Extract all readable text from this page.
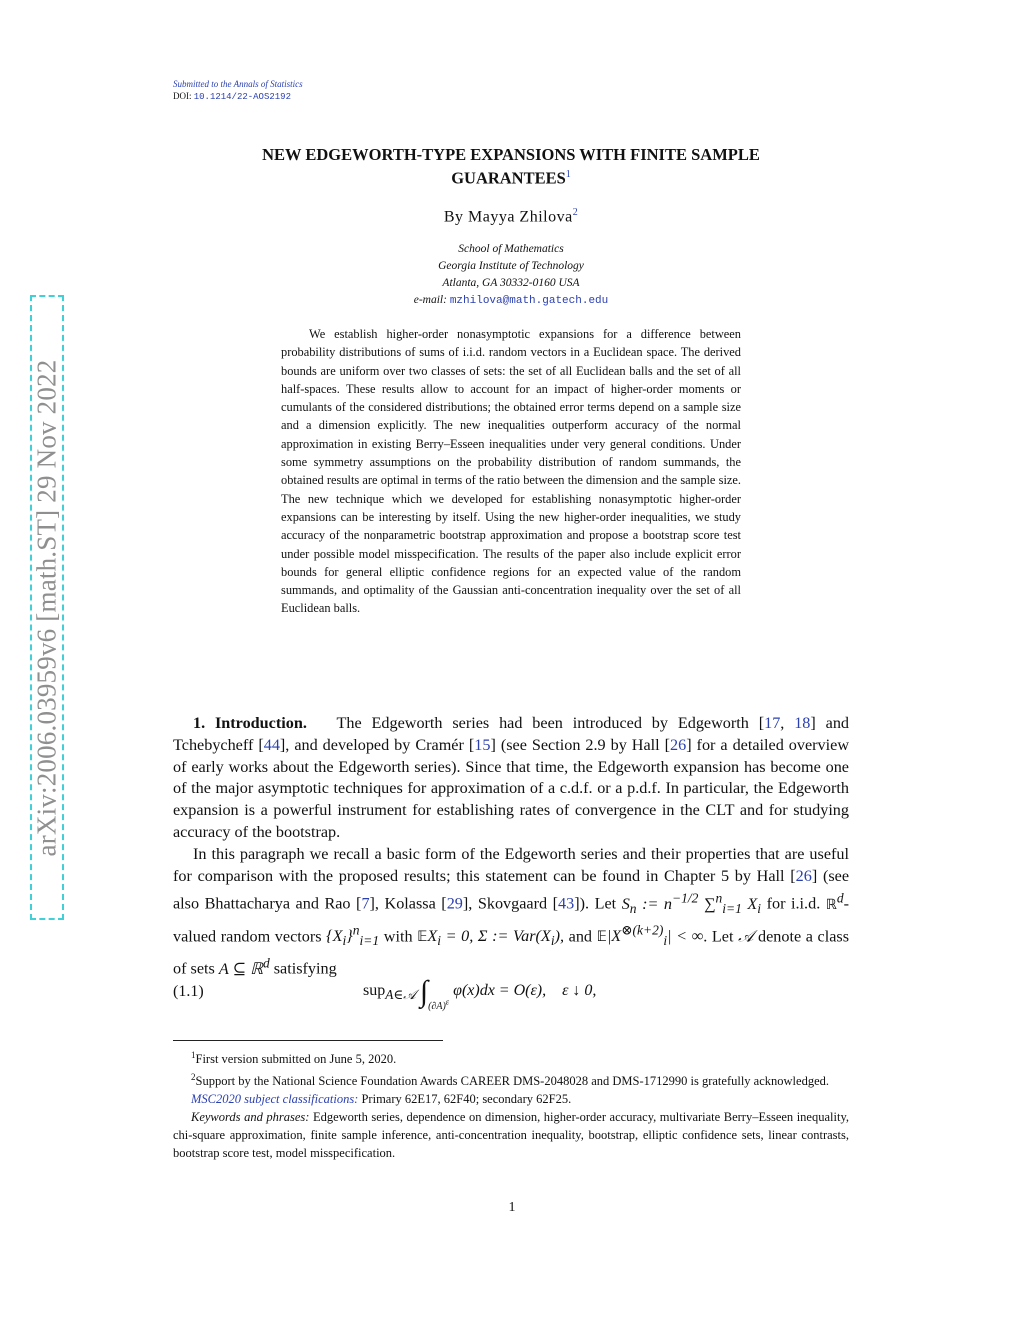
Submitted to the Annals of Statistics
DOI: 10.1214/22-AOS2192
arXiv:2006.03959v6 [math.ST] 29 Nov 2022
NEW EDGEWORTH-TYPE EXPANSIONS WITH FINITE SAMPLE
GUARANTEES$^1$
By Mayya Zhilova$^2$
School of Mathematics
Georgia Institute of Technology
Atlanta, GA 30332-0160 USA
e-mail: mzhilova@math.gatech.edu
We establish higher-order nonasymptotic expansions for a difference between probability distributions of sums of i.i.d. random vectors in a Euclidean space. The derived bounds are uniform over two classes of sets: the set of all Euclidean balls and the set of all half-spaces. These results allow to account for an impact of higher-order moments or cumulants of the considered distributions; the obtained error terms depend on a sample size and a dimension explicitly. The new inequalities outperform accuracy of the normal approximation in existing Berry–Esseen inequalities under very general conditions. Under some symmetry assumptions on the probability distribution of random summands, the obtained results are optimal in terms of the ratio between the dimension and the sample size. The new technique which we developed for establishing nonasymptotic higher-order expansions can be interesting by itself. Using the new higher-order inequalities, we study accuracy of the nonparametric bootstrap approximation and propose a bootstrap score test under possible model misspecification. The results of the paper also include explicit error bounds for general elliptic confidence regions for an expected value of the random summands, and optimality of the Gaussian anti-concentration inequality over the set of all Euclidean balls.

1. Introduction. The Edgeworth series had been introduced by Edgeworth [17, 18] and Tchebycheff [44], and developed by Cramér [15] (see Section 2.9 by Hall [26] for a detailed overview of early works about the Edgeworth series). Since that time, the Edgeworth expansion has become one of the major asymptotic techniques for approximation of a c.d.f. or a p.d.f. In particular, the Edgeworth expansion is a powerful instrument for establishing rates of convergence in the CLT and for studying accuracy of the bootstrap.

In this paragraph we recall a basic form of the Edgeworth series and their properties that are useful for comparison with the proposed results; this statement can be found in Chapter 5 by Hall [26] (see also Bhattacharya and Rao [7], Kolassa [29], Skovgaard [43]). Let $S_n$ := $n^{-1/2}$ ∑$^n_{i=1}$ $X_i$ for i.i.d. ℝ$^d$-valued random vectors $\{X_i\}^n_{i=1}$ with 𝔼X$_i$ = 0, Σ := $Var(X_i)$, and $𝔼|X^{\otimes(k+2)}_i|$ < ∞. Let 𝒜 denote a class of sets A ⊆ ℝ$^d$ satisfying

(1.1)	sup$_{A\in 𝒜}$ $\int_{(\partial A)^\varepsilon}$ φ(x)dx = O(ε), ε ↓ 0,

$^1$First version submitted on June 5, 2020.

$^2$Support by the National Science Foundation Awards CAREER DMS-2048028 and DMS-1712990 is gratefully acknowledged.

MSC2020 subject classifications: Primary 62E17, 62F40; secondary 62F25.

Keywords and phrases: Edgeworth series, dependence on dimension, higher-order accuracy, multivariate Berry–Esseen inequality, chi-square approximation, finite sample inference, anti-concentration inequality, bootstrap, elliptic confidence sets, linear contrasts, bootstrap score test, model misspecification.

1
